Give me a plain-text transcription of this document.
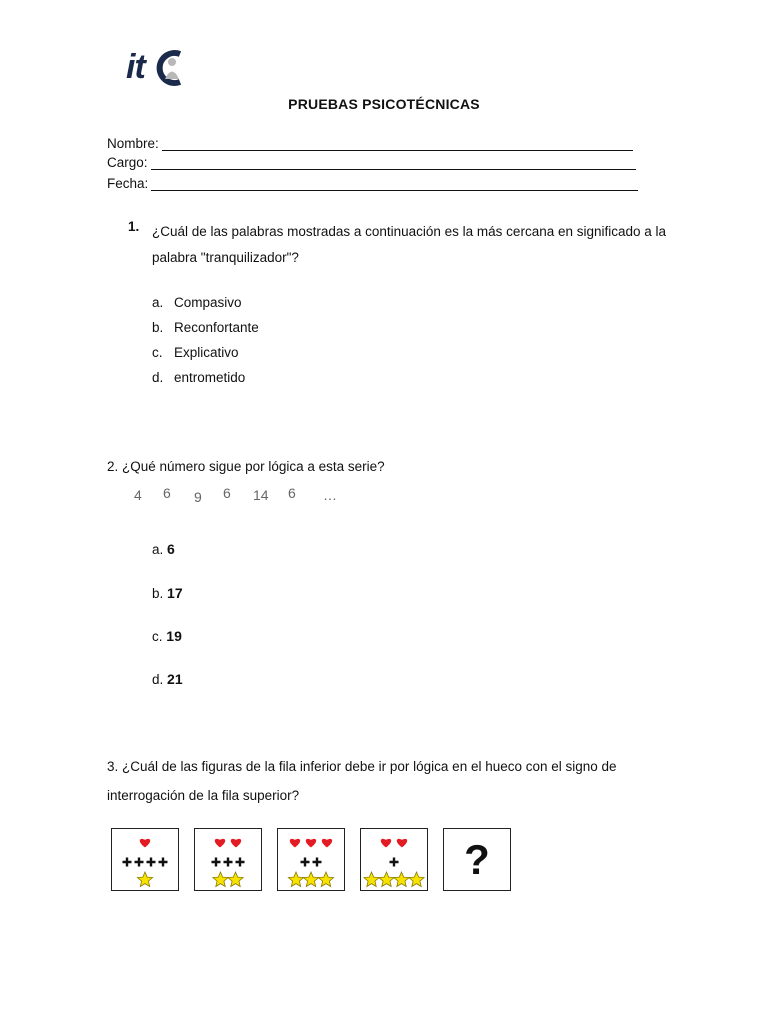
it
PRUEBAS PSICOTÉCNICAS
Nombre:
Cargo:
Fecha:
1. ¿Cuál de las palabras mostradas a continuación es la más cercana en significado a la palabra "tranquilizador"?
a. Compasivo
b. Reconfortante
c. Explicativo
d. entrometido
2. ¿Qué número sigue por lógica a esta serie?
4 6 9 6 14 6 …
a. 6
b. 17
c. 19
d. 21
3. ¿Cuál de las figuras de la fila inferior debe ir por lógica en el hueco con el signo de interrogación de la fila superior?
?
